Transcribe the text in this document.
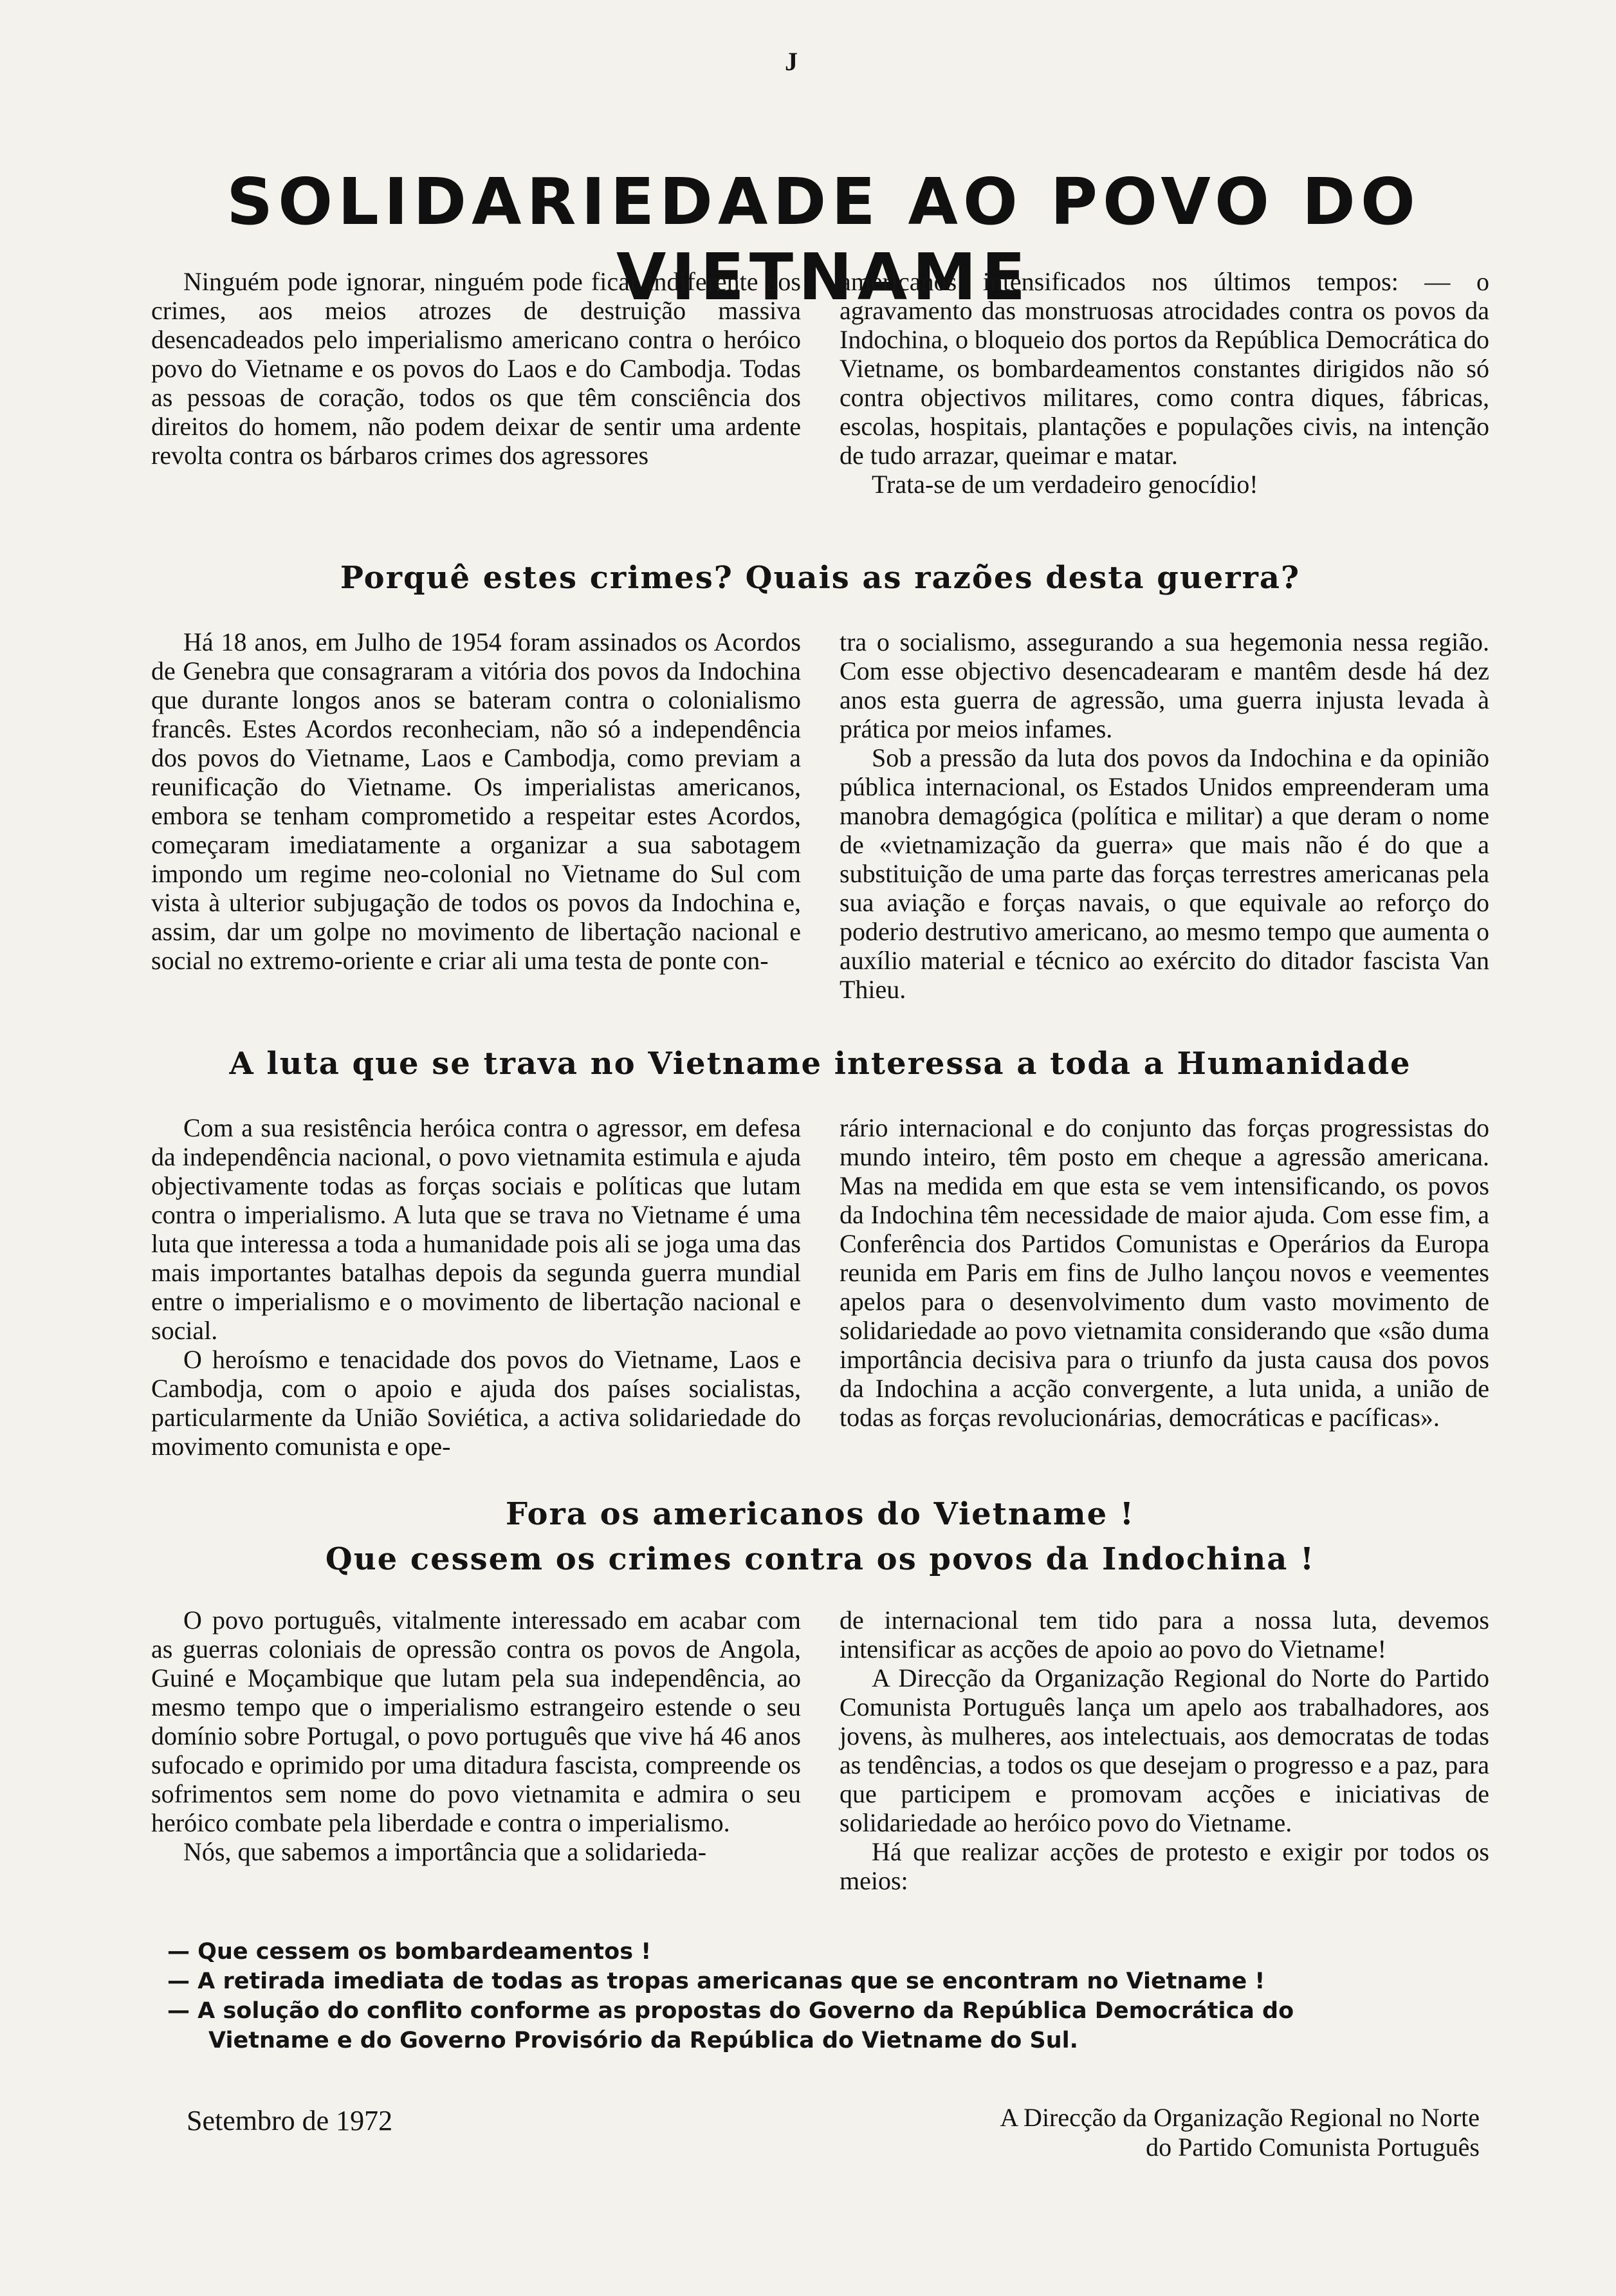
J
SOLIDARIEDADE AO POVO DO VIETNAME

Ninguém pode ignorar, ninguém pode ficar indiferente aos crimes, aos meios atrozes de destruição massiva desencadeados pelo imperialismo americano contra o heróico povo do Vietname e os povos do Laos e do Cambodja. Todas as pessoas de coração, todos os que têm consciência dos direitos do homem, não podem deixar de sentir uma ardente revolta contra os bárbaros crimes dos agressores

americanos intensificados nos últimos tempos: — o agravamento das monstruosas atrocidades contra os povos da Indochina, o bloqueio dos portos da República Democrática do Vietname, os bombardeamentos constantes dirigidos não só contra objectivos militares, como contra diques, fábricas, escolas, hospitais, plantações e populações civis, na intenção de tudo arrazar, queimar e matar.

Trata-se de um verdadeiro genocídio!

Porquê estes crimes? Quais as razões desta guerra?

Há 18 anos, em Julho de 1954 foram assinados os Acordos de Genebra que consagraram a vitória dos povos da Indochina que durante longos anos se bateram contra o colonialismo francês. Estes Acordos reconheciam, não só a independência dos povos do Vietname, Laos e Cambodja, como previam a reunificação do Vietname. Os imperialistas americanos, embora se tenham comprometido a respeitar estes Acordos, começaram imediatamente a organizar a sua sabotagem impondo um regime neo-colonial no Vietname do Sul com vista à ulterior subjugação de todos os povos da Indochina e, assim, dar um golpe no movimento de libertação nacional e social no extremo-oriente e criar ali uma testa de ponte con-

tra o socialismo, assegurando a sua hegemonia nessa região. Com esse objectivo desencadearam e mantêm desde há dez anos esta guerra de agressão, uma guerra injusta levada à prática por meios infames.

Sob a pressão da luta dos povos da Indochina e da opinião pública internacional, os Estados Unidos empreenderam uma manobra demagógica (política e militar) a que deram o nome de «vietnamização da guerra» que mais não é do que a substituição de uma parte das forças terrestres americanas pela sua aviação e forças navais, o que equivale ao reforço do poderio destrutivo americano, ao mesmo tempo que aumenta o auxílio material e técnico ao exército do ditador fascista Van Thieu.

A luta que se trava no Vietname interessa a toda a Humanidade

Com a sua resistência heróica contra o agressor, em defesa da independência nacional, o povo vietnamita estimula e ajuda objectivamente todas as forças sociais e políticas que lutam contra o imperialismo. A luta que se trava no Vietname é uma luta que interessa a toda a humanidade pois ali se joga uma das mais importantes batalhas depois da segunda guerra mundial entre o imperialismo e o movimento de libertação nacional e social.

O heroísmo e tenacidade dos povos do Vietname, Laos e Cambodja, com o apoio e ajuda dos países socialistas, particularmente da União Soviética, a activa solidariedade do movimento comunista e ope-

rário internacional e do conjunto das forças progressistas do mundo inteiro, têm posto em cheque a agressão americana. Mas na medida em que esta se vem intensificando, os povos da Indochina têm necessidade de maior ajuda. Com esse fim, a Conferência dos Partidos Comunistas e Operários da Europa reunida em Paris em fins de Julho lançou novos e veementes apelos para o desenvolvimento dum vasto movimento de solidariedade ao povo vietnamita considerando que «são duma importância decisiva para o triunfo da justa causa dos povos da Indochina a acção convergente, a luta unida, a união de todas as forças revolucionárias, democráticas e pacíficas».

Fora os americanos do Vietname !
Que cessem os crimes contra os povos da Indochina !

O povo português, vitalmente interessado em acabar com as guerras coloniais de opressão contra os povos de Angola, Guiné e Moçambique que lutam pela sua independência, ao mesmo tempo que o imperialismo estrangeiro estende o seu domínio sobre Portugal, o povo português que vive há 46 anos sufocado e oprimido por uma ditadura fascista, compreende os sofrimentos sem nome do povo vietnamita e admira o seu heróico combate pela liberdade e contra o imperialismo.

Nós, que sabemos a importância que a solidarieda-

de internacional tem tido para a nossa luta, devemos intensificar as acções de apoio ao povo do Vietname!

A Direcção da Organização Regional do Norte do Partido Comunista Português lança um apelo aos trabalhadores, aos jovens, às mulheres, aos intelectuais, aos democratas de todas as tendências, a todos os que desejam o progresso e a paz, para que participem e promovam acções e iniciativas de solidariedade ao heróico povo do Vietname.

Há que realizar acções de protesto e exigir por todos os meios:

— Que cessem os bombardeamentos !
— A retirada imediata de todas as tropas americanas que se encontram no Vietname !
— A solução do conflito conforme as propostas do Governo da República Democrática do Vietname e do Governo Provisório da República do Vietname do Sul.
Setembro de 1972	A Direcção da Organização Regional no Norte
do Partido Comunista Português
